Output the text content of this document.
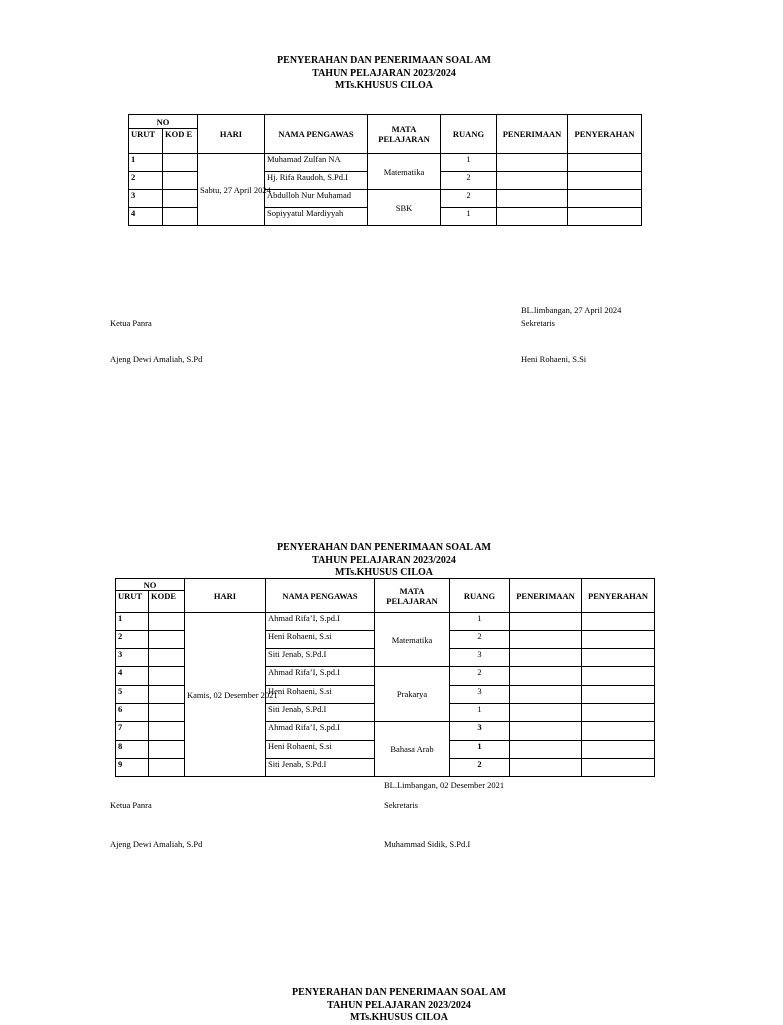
PENYERAHAN DAN PENERIMAAN SOAL AM
TAHUN PELAJARAN 2023/2024
MTs.KHUSUS CILOA
NO		HARI	NAMA PENGAWAS	MATA PELAJARAN	RUANG	PENERIMAAN	PENYERAHAN
URUT	KOD E						
1		Sabtu, 27 April 2024	Muhamad Zulfan NA	Matematika	1		
2			Hj. Rifa Raudoh, S.Pd.I		2		
3			Abdulloh Nur Muhamad	SBK	2		
4			Sopiyyatul Mardiyyah		1		
BL.limbangan, 27 April 2024
Ketua Panra	Sekretaris
Ajeng Dewi Amaliah, S.Pd	Heni Rohaeni, S.Si
PENYERAHAN DAN PENERIMAAN SOAL AM
TAHUN PELAJARAN 2023/2024
MTs.KHUSUS CILOA
NO		HARI	NAMA PENGAWAS	MATA PELAJARAN	RUANG	PENERIMAAN	PENYERAHAN
URUT	KODE						
1		Kamis, 02 Desember 2021	Ahmad Rifa’I, S.pd.I	Matematika	1		
2			Heni Rohaeni, S.si		2		
3			Siti Jenab, S.Pd.I		3		
4			Ahmad Rifa’I, S.pd.I	Prakarya	2		
5			Heni Rohaeni, S.si		3		
6			Siti Jenab, S.Pd.I		1		
7			Ahmad Rifa’I, S.pd.I	Bahasa Arab	3		
8			Heni Rohaeni, S.si		1		
9			Siti Jenab, S.Pd.I		2		
BL.Limbangan, 02 Desember 2021
Ketua Panra	Sekretaris
Ajeng Dewi Amaliah, S.Pd	Muhammad Sidik, S.Pd.I
PENYERAHAN DAN PENERIMAAN SOAL AM
TAHUN PELAJARAN 2023/2024
MTs.KHUSUS CILOA
